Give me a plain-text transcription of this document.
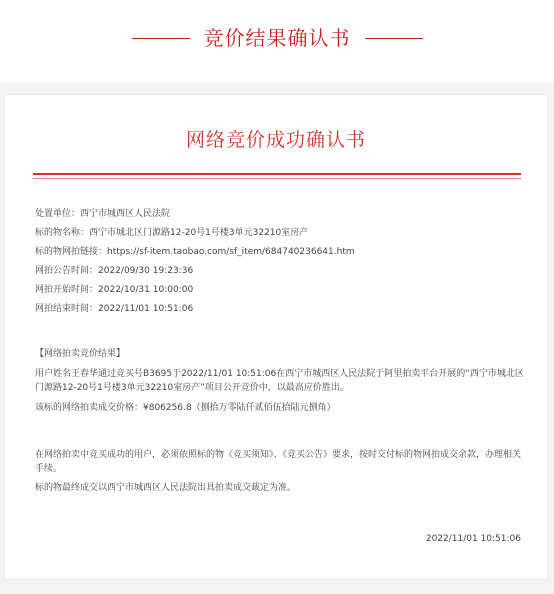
竞价结果确认书
网络竞价成功确认书
处置单位：西宁市城西区人民法院
标的物名称：西宁市城北区门源路12-20号1号楼3单元32210室房产
标的物网拍链接：https://sf-item.taobao.com/sf_item/684740236641.htm
网拍公告时间：2022/09/30 19:23:36
网拍开始时间：2022/10/31 10:00:00
网拍结束时间：2022/11/01 10:51:06
【网络拍卖竞价结果】
用户姓名王春华通过竞买号B3695于2022/11/01 10:51:06在西宁市城西区人民法院于阿里拍卖平台开展的“西宁市城北区门源路12-20号1号楼3单元32210室房产”项目公开竞价中，以最高应价胜出。
该标的网络拍卖成交价格：¥806256.8（捌拾万零陆仟贰佰伍拾陆元捌角）
在网络拍卖中竞买成功的用户，必须依照标的物《竞买须知》、《竞买公告》要求，按时交付标的物网拍成交余款，办理相关手续。
标的物最终成交以西宁市城西区人民法院出具拍卖成交裁定为准。
2022/11/01 10:51:06
